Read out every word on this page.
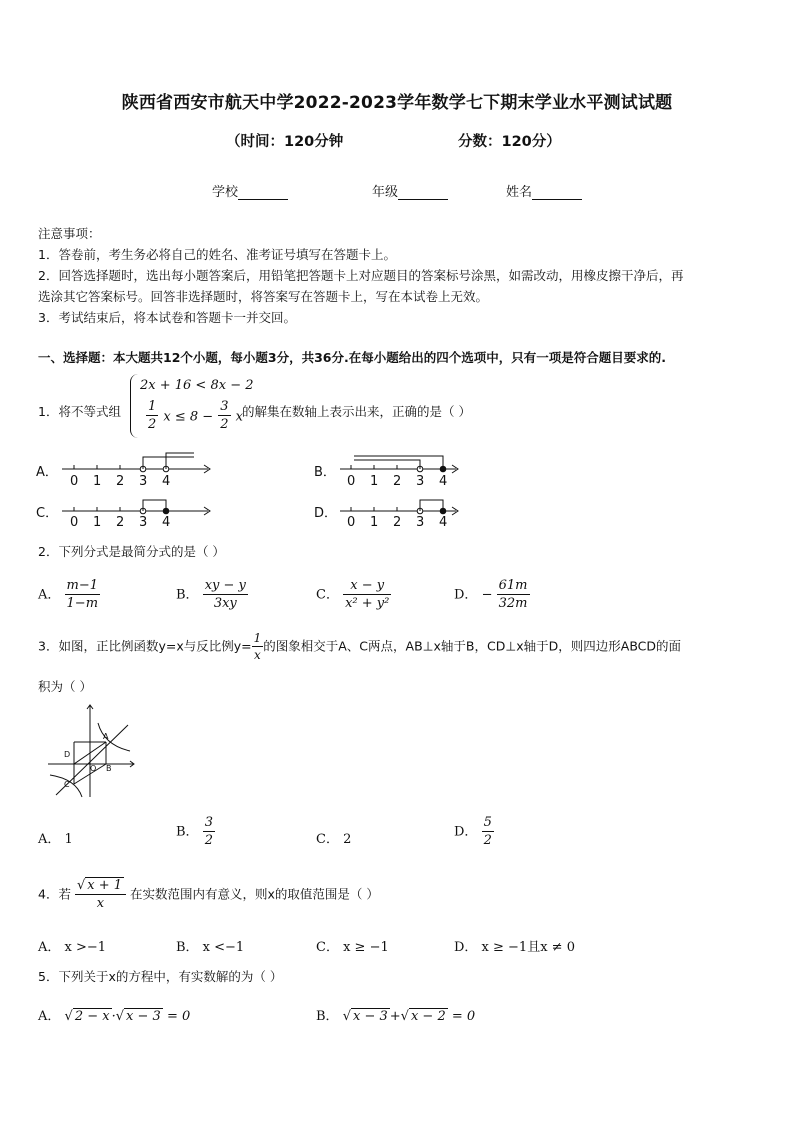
陕西省西安市航天中学2022-2023学年数学七下期末学业水平测试试题
（时间：120分钟	分数：120分）
学校	年级	姓名
注意事项：
1．答卷前，考生务必将自己的姓名、准考证号填写在答题卡上。
2．回答选择题时，选出每小题答案后，用铅笔把答题卡上对应题目的答案标号涂黑，如需改动，用橡皮擦干净后，再
选涂其它答案标号。回答非选择题时，将答案写在答题卡上，写在本试卷上无效。
3．考试结束后，将本试卷和答题卡一并交回。
一、选择题：本大题共12个小题，每小题3分，共36分.在每小题给出的四个选项中，只有一项是符合题目要求的.
1．将不等式组
2x + 16 < 8x − 2
$\frac{1}{2}$ $x \le 8 - \frac{3}{2}$ x 的解集在数轴上表示出来，正确的是（ ）
A．
0 1 2 3 4
B．
0 1 2 3 4
C．
0 1 2 3 4
D．
0 1 2 3 4
2．下列分式是最简分式的是（ ）
A． $\frac{m-1}{1-m}$	B． $\frac{xy - y}{3xy}$	C． $\frac{x - y}{\text{x² + y²}}$	D． − $\frac{61m}{32m}$
3．如图，正比例函数y=x与反比例$y= \frac{1}{x}$ 的图象相交于A、C两点，AB⊥x轴于B，CD⊥x轴于D，则四边形ABCD的面
积为（ ）
A
B
C
D
O
A． 1	B． $\frac{3}{2}$	C． 2	D． $\frac{5}{2}$
4．若 $\frac{√ x + 1}{x}$ 在实数范围内有意义，则x的取值范围是（ ）
A． x >−1	B． x <−1	C． x ≥ −1	D． x ≥ −1且x ≠ 0
5．下列关于x的方程中，有实数解的为（ ）
A． √ 2 − x ·√ x − 3 = 0	B． √ x − 3 +√ x − 2 = 0
